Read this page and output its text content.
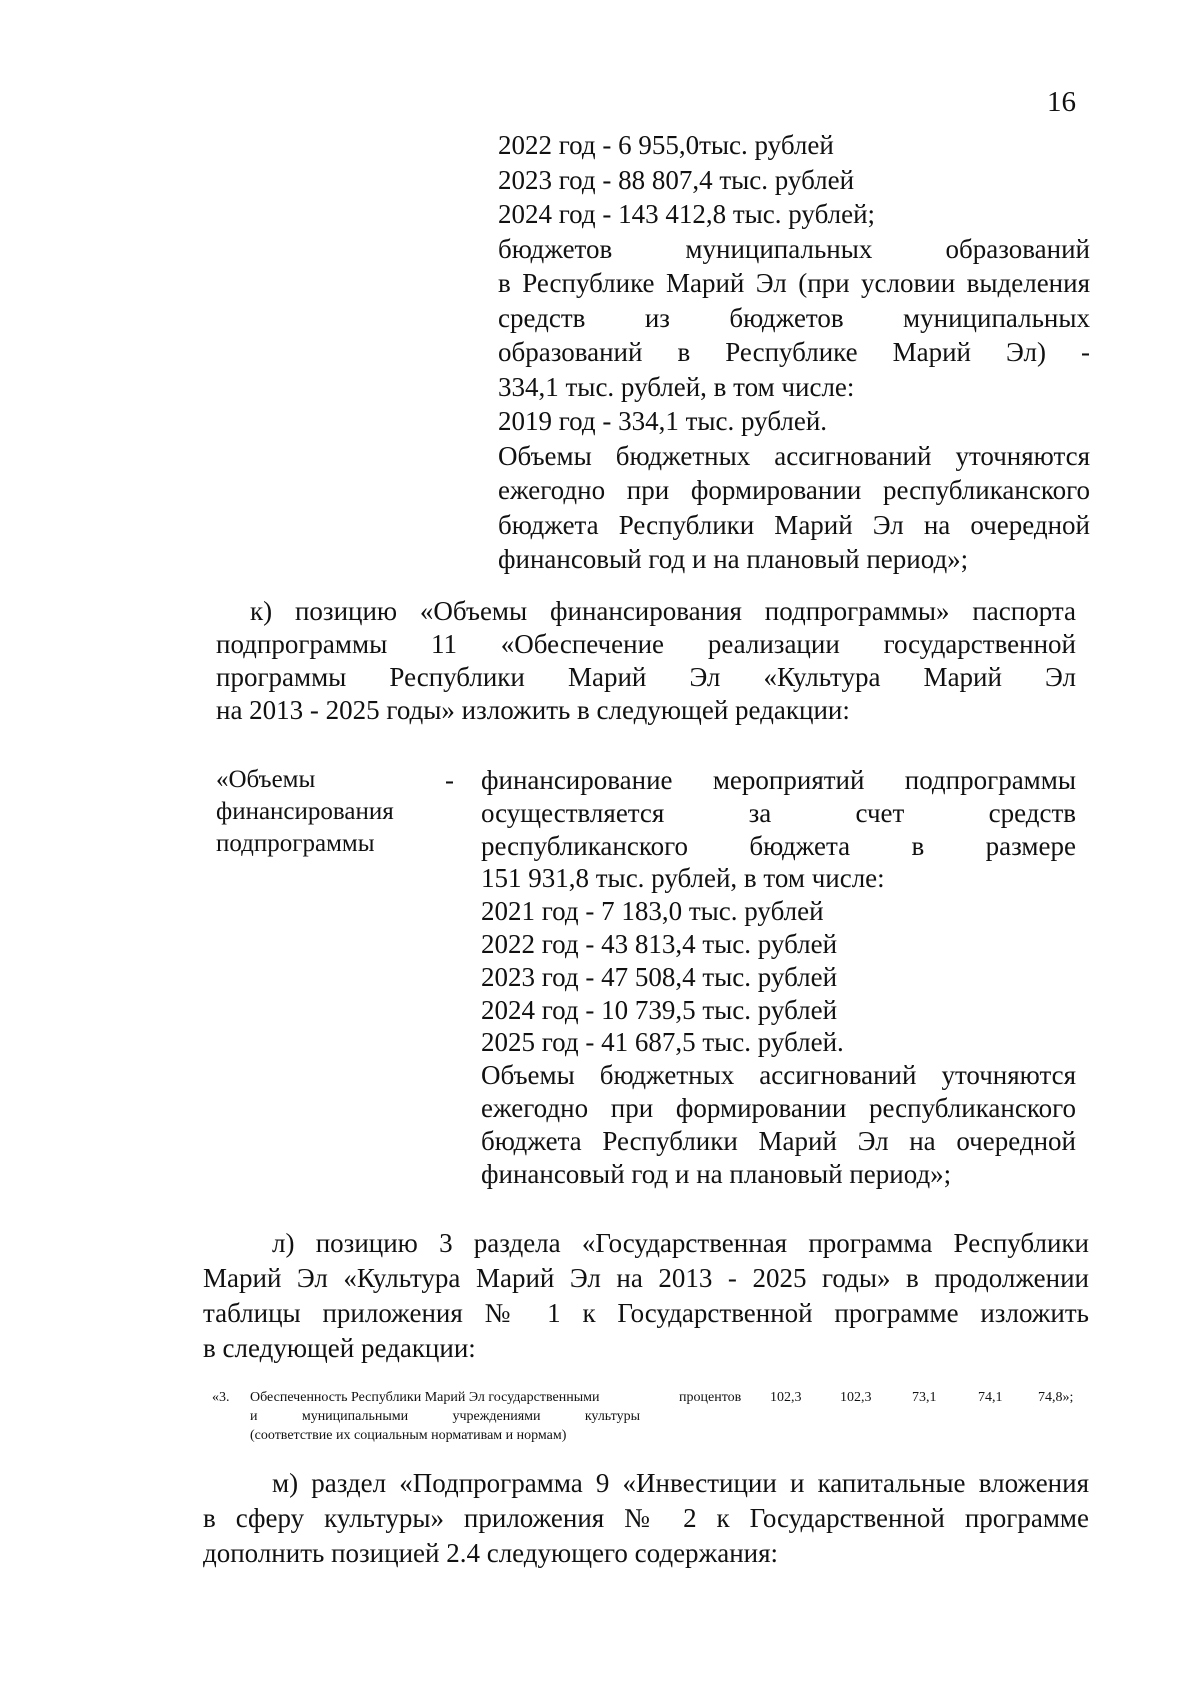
16
2022 год - 6 955,0тыс. рублей
2023 год - 88 807,4 тыс. рублей
2024 год - 143 412,8 тыс. рублей;
бюджетов муниципальных образований
в Республике Марий Эл (при условии выделения
средств из бюджетов муниципальных
образований в Республике Марий Эл) -
334,1 тыс. рублей, в том числе:
2019 год - 334,1 тыс. рублей.
Объемы бюджетных ассигнований уточняются
ежегодно при формировании республиканского
бюджета Республики Марий Эл на очередной
финансовый год и на плановый период»;
к) позицию «Объемы финансирования подпрограммы» паспорта
подпрограммы 11 «Обеспечение реализации государственной
программы Республики Марий Эл «Культура Марий Эл
на 2013 - 2025 годы» изложить в следующей редакции:
«Объемы
финансирования
подпрограммы
- финансирование мероприятий подпрограммы
осуществляется за счет средств
республиканского бюджета в размере
151 931,8 тыс. рублей, в том числе:
2021 год - 7 183,0 тыс. рублей
2022 год - 43 813,4 тыс. рублей
2023 год - 47 508,4 тыс. рублей
2024 год - 10 739,5 тыс. рублей
2025 год - 41 687,5 тыс. рублей.
Объемы бюджетных ассигнований уточняются
ежегодно при формировании республиканского
бюджета Республики Марий Эл на очередной
финансовый год и на плановый период»;
л) позицию 3 раздела «Государственная программа Республики
Марий Эл «Культура Марий Эл на 2013 - 2025 годы» в продолжении
таблицы приложения № 1 к Государственной программе изложить
в следующей редакции:
«3. Обеспеченность Республики Марий Эл государственными
и муниципальными учреждениями культуры
(соответствие их социальным нормативам и нормам)
процентов 102,3	102,3	73,1	74,1	74,8»;
м) раздел «Подпрограмма 9 «Инвестиции и капитальные вложения
в сферу культуры» приложения № 2 к Государственной программе
дополнить позицией 2.4 следующего содержания:
